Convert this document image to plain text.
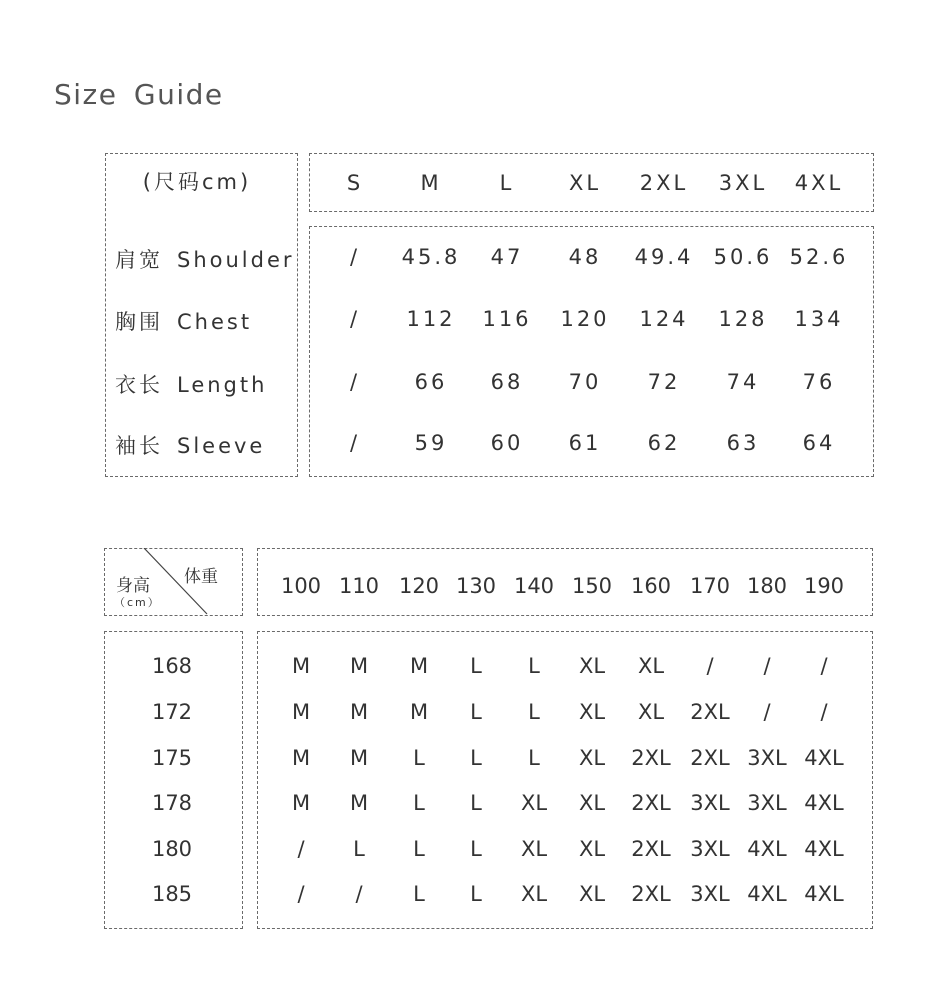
Size Guide
(尺码cm)	S	M	L	XL 2XL 3XL 4XL
肩宽 Shoulder	/ 45.8 47 48 49.4 50.6 52.6
胸围 Chest	/ 112 116 120 124 128 134
衣长 Length	/	66 68 70 72 74 76
袖长 Sleeve	/	59 60 61 62 63 64
体重
身高
（cm）
100 110 120 130 140 150 160 170 180 190
168	M M M L L XL XL / / /
172	M M M L L XL XL 2XL / /
175	M M L L L XL 2XL 2XL 3XL 4XL
178	M M L L XL XL 2XL 3XL 3XL 4XL
180	/ L L L XL XL 2XL 3XL 4XL 4XL
185	/ / L L XL XL 2XL 3XL 4XL 4XL
